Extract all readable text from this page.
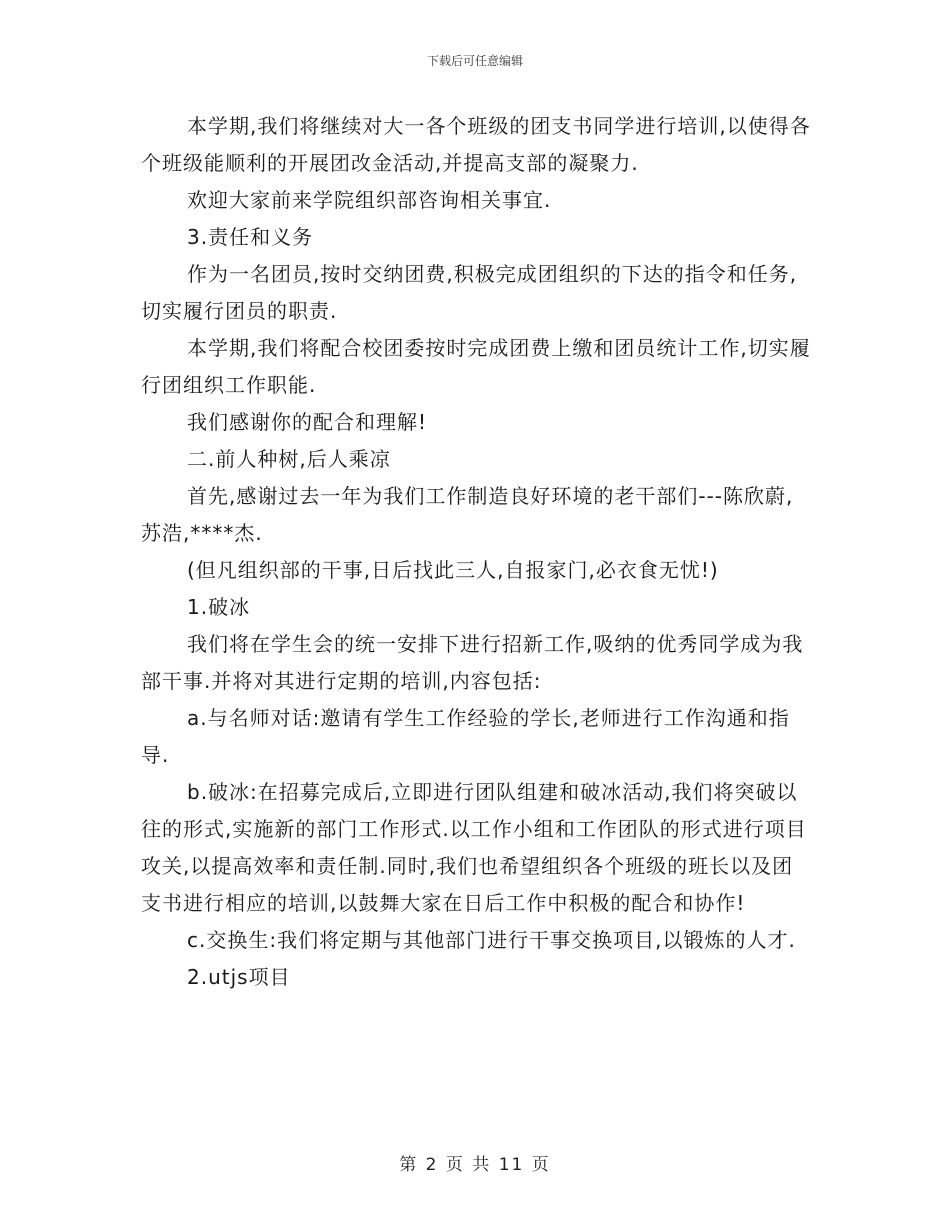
下载后可任意编辑

本学期,我们将继续对大一各个班级的团支书同学进行培训,以使得各个班级能顺利的开展团改金活动,并提高支部的凝聚力.

欢迎大家前来学院组织部咨询相关事宜.

3.责任和义务

作为一名团员,按时交纳团费,积极完成团组织的下达的指令和任务,切实履行团员的职责.

本学期,我们将配合校团委按时完成团费上缴和团员统计工作,切实履行团组织工作职能.

我们感谢你的配合和理解!

二.前人种树,后人乘凉

首先,感谢过去一年为我们工作制造良好环境的老干部们---陈欣蔚,苏浩,****杰.

(但凡组织部的干事,日后找此三人,自报家门,必衣食无忧!)

1.破冰

我们将在学生会的统一安排下进行招新工作,吸纳的优秀同学成为我部干事.并将对其进行定期的培训,内容包括:

a.与名师对话:邀请有学生工作经验的学长,老师进行工作沟通和指导.

b.破冰:在招募完成后,立即进行团队组建和破冰活动,我们将突破以往的形式,实施新的部门工作形式.以工作小组和工作团队的形式进行项目攻关,以提高效率和责任制.同时,我们也希望组织各个班级的班长以及团支书进行相应的培训,以鼓舞大家在日后工作中积极的配合和协作!

c.交换生:我们将定期与其他部门进行干事交换项目,以锻炼的人才.

2.utjs项目

第 2 页 共 11 页
